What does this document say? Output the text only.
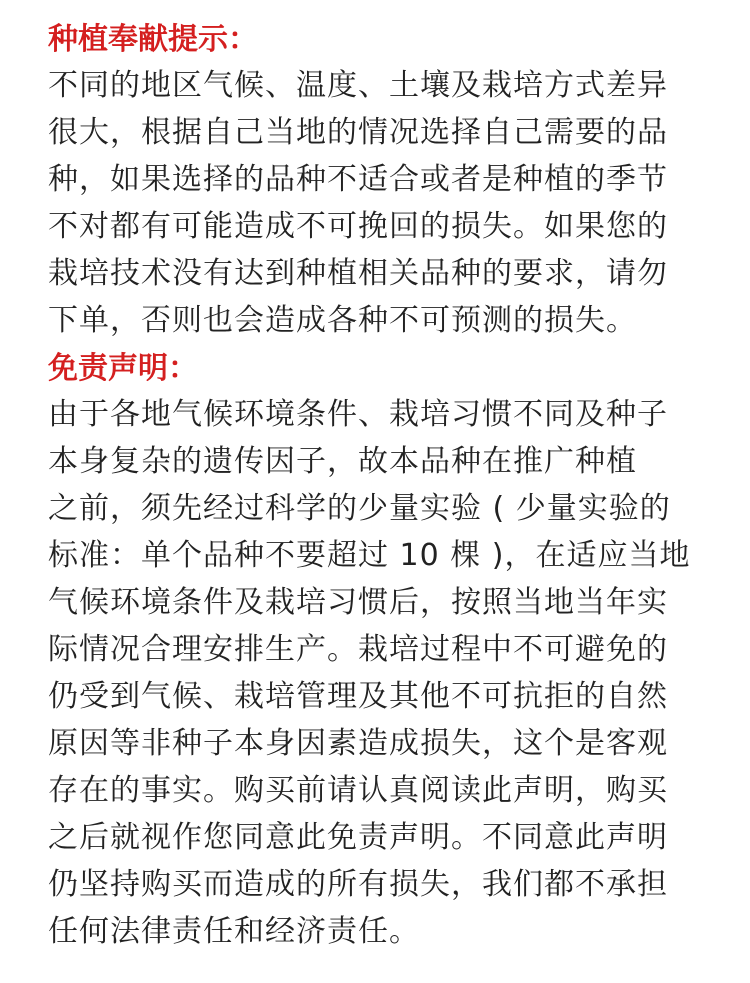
种植奉献提示：
不同的地区气候、温度、土壤及栽培方式差异
很大，根据自己当地的情况选择自己需要的品
种，如果选择的品种不适合或者是种植的季节
不对都有可能造成不可挽回的损失。如果您的
栽培技术没有达到种植相关品种的要求，请勿
下单，否则也会造成各种不可预测的损失。
免责声明：
由于各地气候环境条件、栽培习惯不同及种子
本身复杂的遗传因子，故本品种在推广种植
之前，须先经过科学的少量实验 ( 少量实验的
标准：单个品种不要超过 10 棵 )，在适应当地
气候环境条件及栽培习惯后，按照当地当年实
际情况合理安排生产。栽培过程中不可避免的
仍受到气候、栽培管理及其他不可抗拒的自然
原因等非种子本身因素造成损失，这个是客观
存在的事实。购买前请认真阅读此声明，购买
之后就视作您同意此免责声明。不同意此声明
仍坚持购买而造成的所有损失，我们都不承担
任何法律责任和经济责任。
